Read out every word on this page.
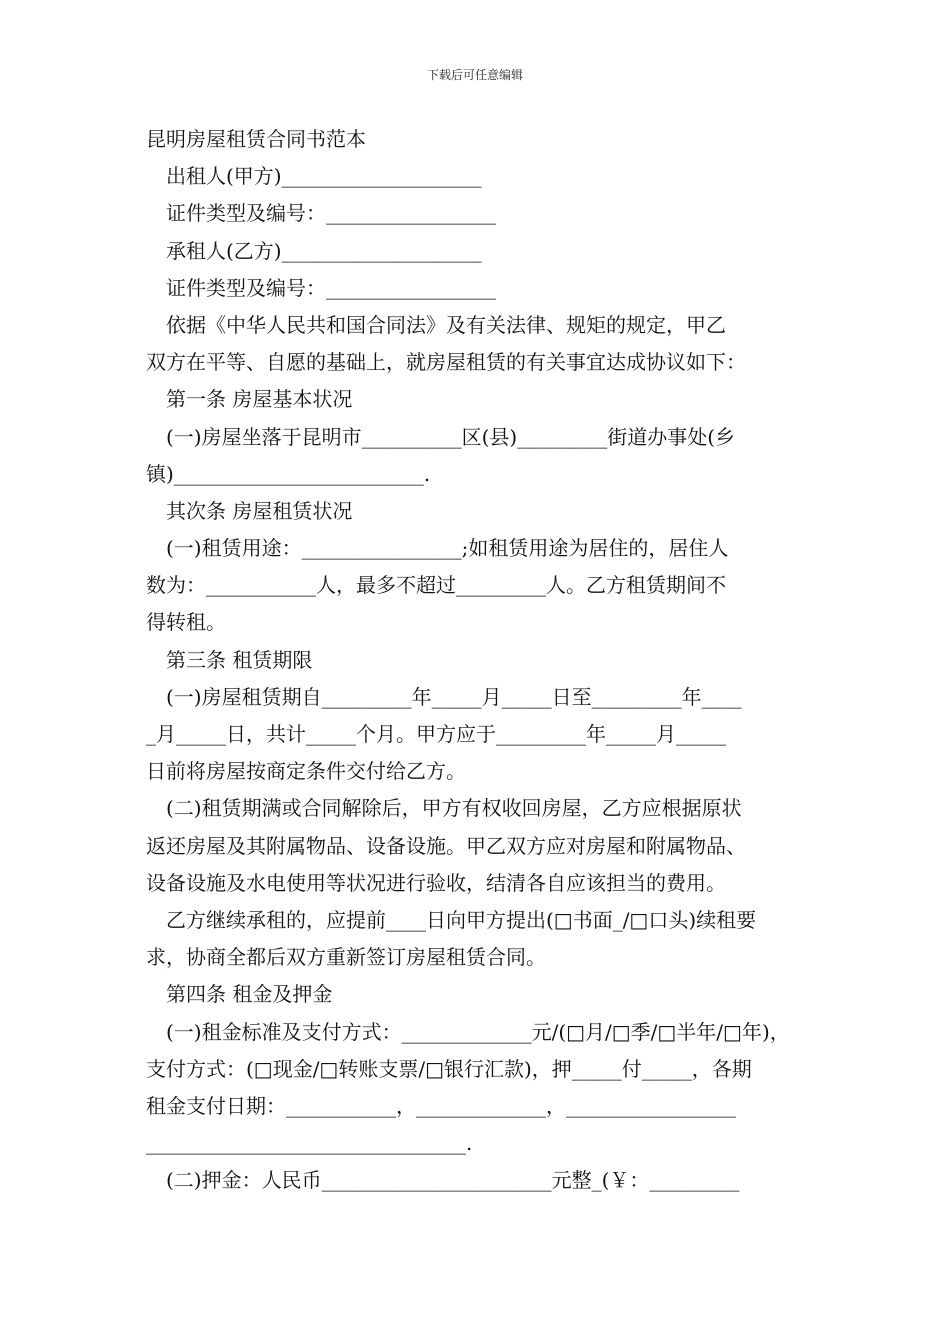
下载后可任意编辑
昆明房屋租赁合同书范本
出租人(甲方)____________________
证件类型及编号：_________________
承租人(乙方)____________________
证件类型及编号：_________________
依据《中华人民共和国合同法》及有关法律、规矩的规定，甲乙
双方在平等、自愿的基础上，就房屋租赁的有关事宜达成协议如下：
第一条 房屋基本状况
(一)房屋坐落于昆明市__________区(县)_________街道办事处(乡
镇)_________________________.
其次条 房屋租赁状况
(一)租赁用途：________________;如租赁用途为居住的，居住人
数为：___________人，最多不超过_________人。乙方租赁期间不
得转租。
第三条 租赁期限
(一)房屋租赁期自_________年_____月_____日至_________年____
_月_____日，共计_____个月。甲方应于_________年_____月_____
日前将房屋按商定条件交付给乙方。
(二)租赁期满或合同解除后，甲方有权收回房屋，乙方应根据原状
返还房屋及其附属物品、设备设施。甲乙双方应对房屋和附属物品、
设备设施及水电使用等状况进行验收，结清各自应该担当的费用。
乙方继续承租的，应提前____日向甲方提出(□书面_/□口头)续租要
求，协商全都后双方重新签订房屋租赁合同。
第四条 租金及押金
(一)租金标准及支付方式：_____________元/(□月/□季/□半年/□年)，
支付方式：(□现金/□转账支票/□银行汇款)，押_____付_____，各期
租金支付日期：___________，_____________，_________________
________________________________.
(二)押金：人民币_______________________元整_(￥：_________
